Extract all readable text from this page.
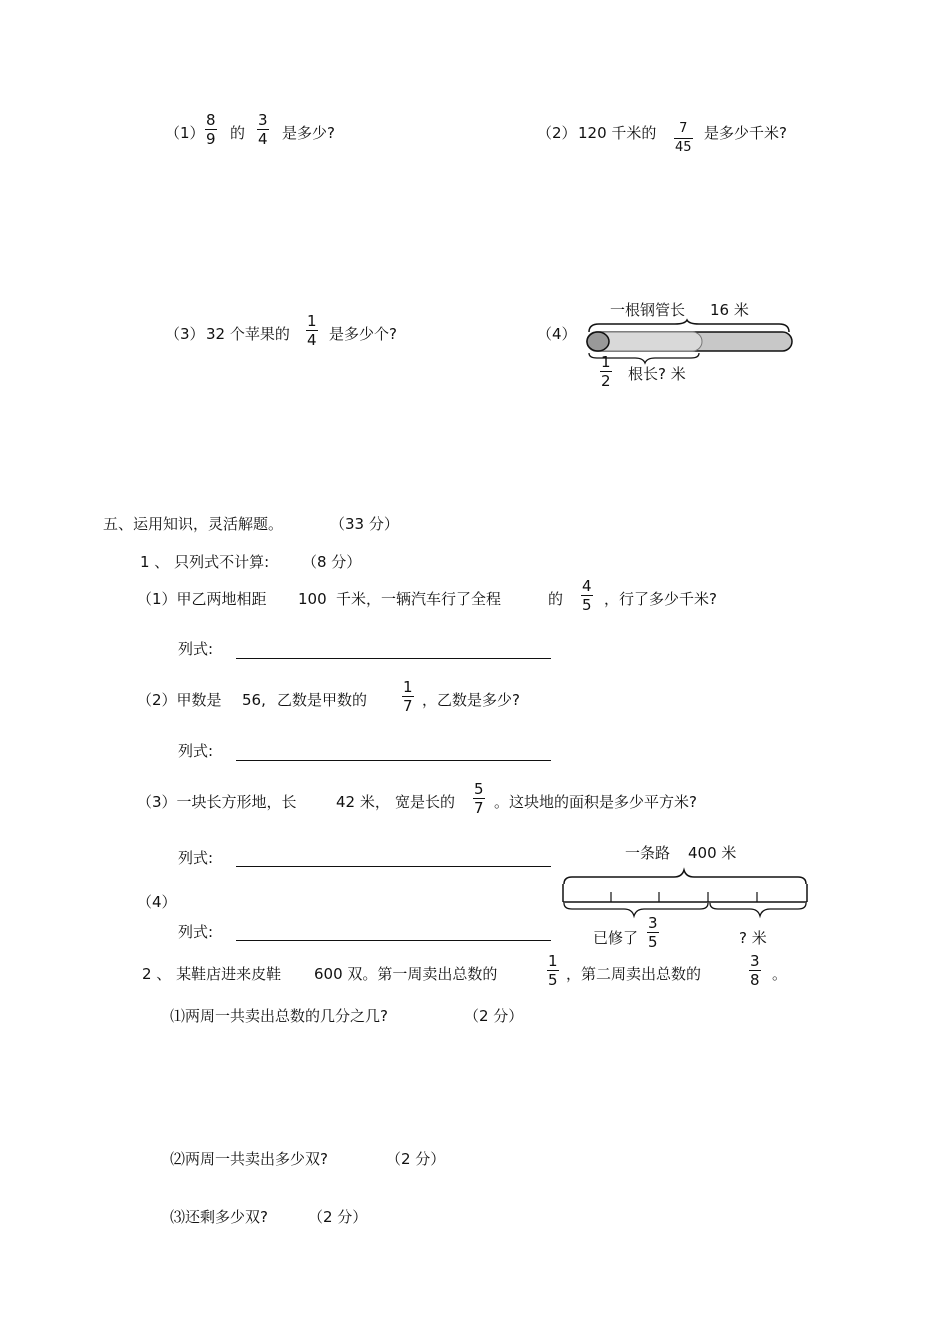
（1）
8
9 的
3
4 是多少?	（2） 120 千米的 7
45
是多少千米?
（3） 32 个苹果的
1
4 是多少个?	（4）
一根钢管长 16 米
1
2 根长? 米
五、运用知识，灵活解题。	（33 分）
1 、 只列式不计算: （8 分）
（1）甲乙两地相距 100 千米，一辆汽车行了全程	的
4
5 ，行了多少千米?
列式:
（2）甲数是 56, 乙数是甲数的
1
7 ，乙数是多少?
列式:
（3）一块长方形地，长	42 米， 宽是长的
5
7 。这块地的面积是多少平方米?
列式:
（4）
列式:
一条路 400 米
已修了
3
5	? 米
2 、 某鞋店进来皮鞋 600 双。第一周卖出总数的
1
5 ，第二周卖出总数的
3
8 。
⑴两周一共卖出总数的几分之几?	（2 分）
⑵两周一共卖出多少双?	（2 分）
⑶还剩多少双?	（2 分）
